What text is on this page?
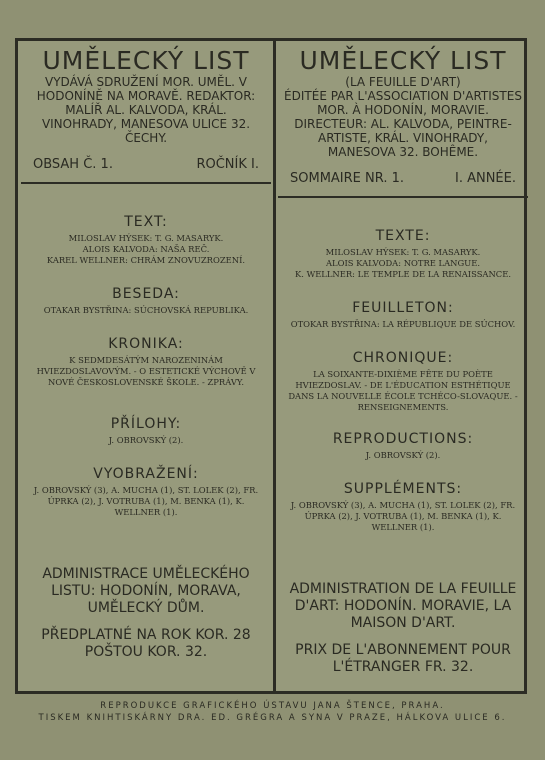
UMĚLECKÝ LIST
VYDÁVÁ SDRUŽENÍ MOR. UMĚL. V HODONÍNĚ NA MORAVĚ. REDAKTOR: MALÍŘ AL. KALVODA, KRÁL. VINOHRADY, MANESOVA ULICE 32. ČECHY.
OBSAH Č. 1.	ROČNÍK I.
TEXT:
MILOSLAV HÝSEK: T. G. MASARYK.
ALOIS KALVODA: NAŠA REČ.
KAREL WELLNER: CHRÁM ZNOVUZROZENÍ.
BESEDA:
OTAKAR BYSTŘINA: SÚCHOVSKÁ REPUBLIKA.
KRONIKA:
K SEDMDESÁTÝM NAROZENINÁM HVIEZDOSLAVOVÝM. - O ESTETICKÉ VÝCHOVĚ V NOVÉ ČESKOSLOVENSKÉ ŠKOLE. - ZPRÁVY.
PŘÍLOHY:
J. OBROVSKÝ (2).
VYOBRAŽENÍ:
J. OBROVSKÝ (3), A. MUCHA (1), ST. LOLEK (2), FR. ÚPRKA (2), J. VOTRUBA (1), M. BENKA (1), K. WELLNER (1).
ADMINISTRACE UMĚLECKÉHO LISTU: HODONÍN, MORAVA, UMĚLECKÝ DŮM.
PŘEDPLATNÉ NA ROK KOR. 28 POŠTOU KOR. 32.
UMĚLECKÝ LIST
(LA FEUILLE D'ART)
ÉDITÉE PAR L'ASSOCIATION D'ARTISTES MOR. À HODONÍN, MORAVIE. DIRECTEUR: AL. KALVODA, PEINTRE-ARTISTE, KRÁL. VINOHRADY, MANESOVA 32. BOHÊME.
SOMMAIRE NR. 1.	I. ANNÉE.
TEXTE:
MILOSLAV HÝSEK: T. G. MASARYK.
ALOIS KALVODA: NOTRE LANGUE.
K. WELLNER: LE TEMPLE DE LA RENAISSANCE.
FEUILLETON:
OTOKAR BYSTŘINA: LA RÉPUBLIQUE DE SÚCHOV.
CHRONIQUE:
LA SOIXANTE-DIXIÈME FÊTE DU POÈTE HVIEZDOSLAV. - DE L'ÉDUCATION ESTHÉTIQUE DANS LA NOUVELLE ÉCOLE TCHÉCO-SLOVAQUE. - RENSEIGNEMENTS.
REPRODUCTIONS:
J. OBROVSKÝ (2).
SUPPLÉMENTS:
J. OBROVSKÝ (3), A. MUCHA (1), ST. LOLEK (2), FR. ÚPRKA (2), J. VOTRUBA (1), M. BENKA (1), K. WELLNER (1).
ADMINISTRATION DE LA FEUILLE D'ART: HODONÍN. MORAVIE, LA MAISON D'ART.
PRIX DE L'ABONNEMENT POUR L'ÉTRANGER FR. 32.
REPRODUKCE GRAFICKÉHO ÚSTAVU JANA ŠTENCE, PRAHA.
TISKEM KNIHTISKÁRNY DRA. ED. GRÉGRA A SYNA V PRAZE, HÁLKOVA ULICE 6.
